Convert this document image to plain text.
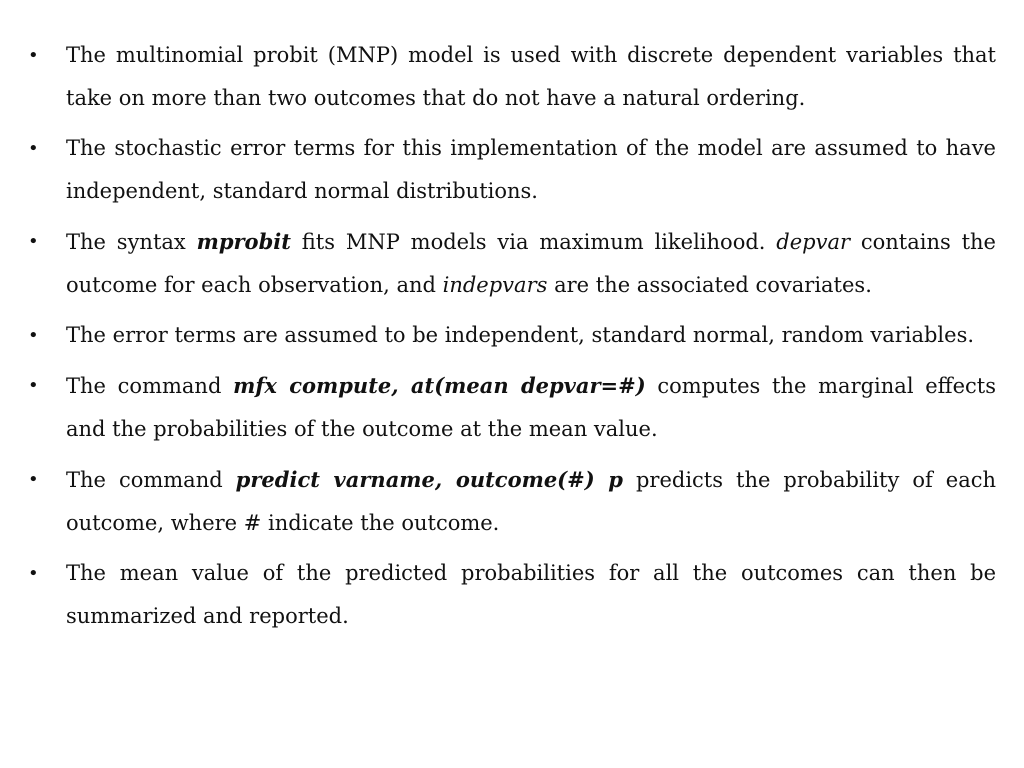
•	The multinomial probit (MNP) model is used with discrete dependent variables that take on more than two outcomes that do not have a natural ordering.
•	The stochastic error terms for this implementation of the model are assumed to have independent, standard normal distributions.
•	The syntax mprobit fits MNP models via maximum likelihood. depvar contains the outcome for each observation, and indepvars are the associated covariates.
•	The error terms are assumed to be independent, standard normal, random variables.
•	The command mfx compute, at(mean depvar=#) computes the marginal effects and the probabilities of the outcome at the mean value.
•	The command predict varname, outcome(#) p predicts the probability of each outcome, where # indicate the outcome.
•	The mean value of the predicted probabilities for all the outcomes can then be summarized and reported.
